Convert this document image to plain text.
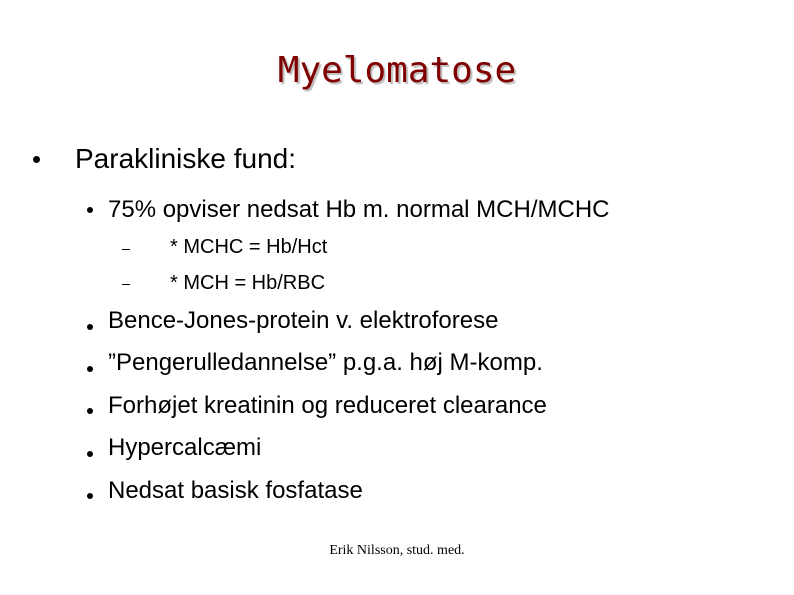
Myelomatose
Parakliniske fund:
75% opviser nedsat Hb m. normal MCH/MCHC
* MCHC = Hb/Hct
* MCH = Hb/RBC
Bence-Jones-protein v. elektroforese
”Pengerulledannelse” p.g.a. høj M-komp.
Forhøjet kreatinin og reduceret clearance
Hypercalcæmi
Nedsat basisk fosfatase
Erik Nilsson, stud. med.
